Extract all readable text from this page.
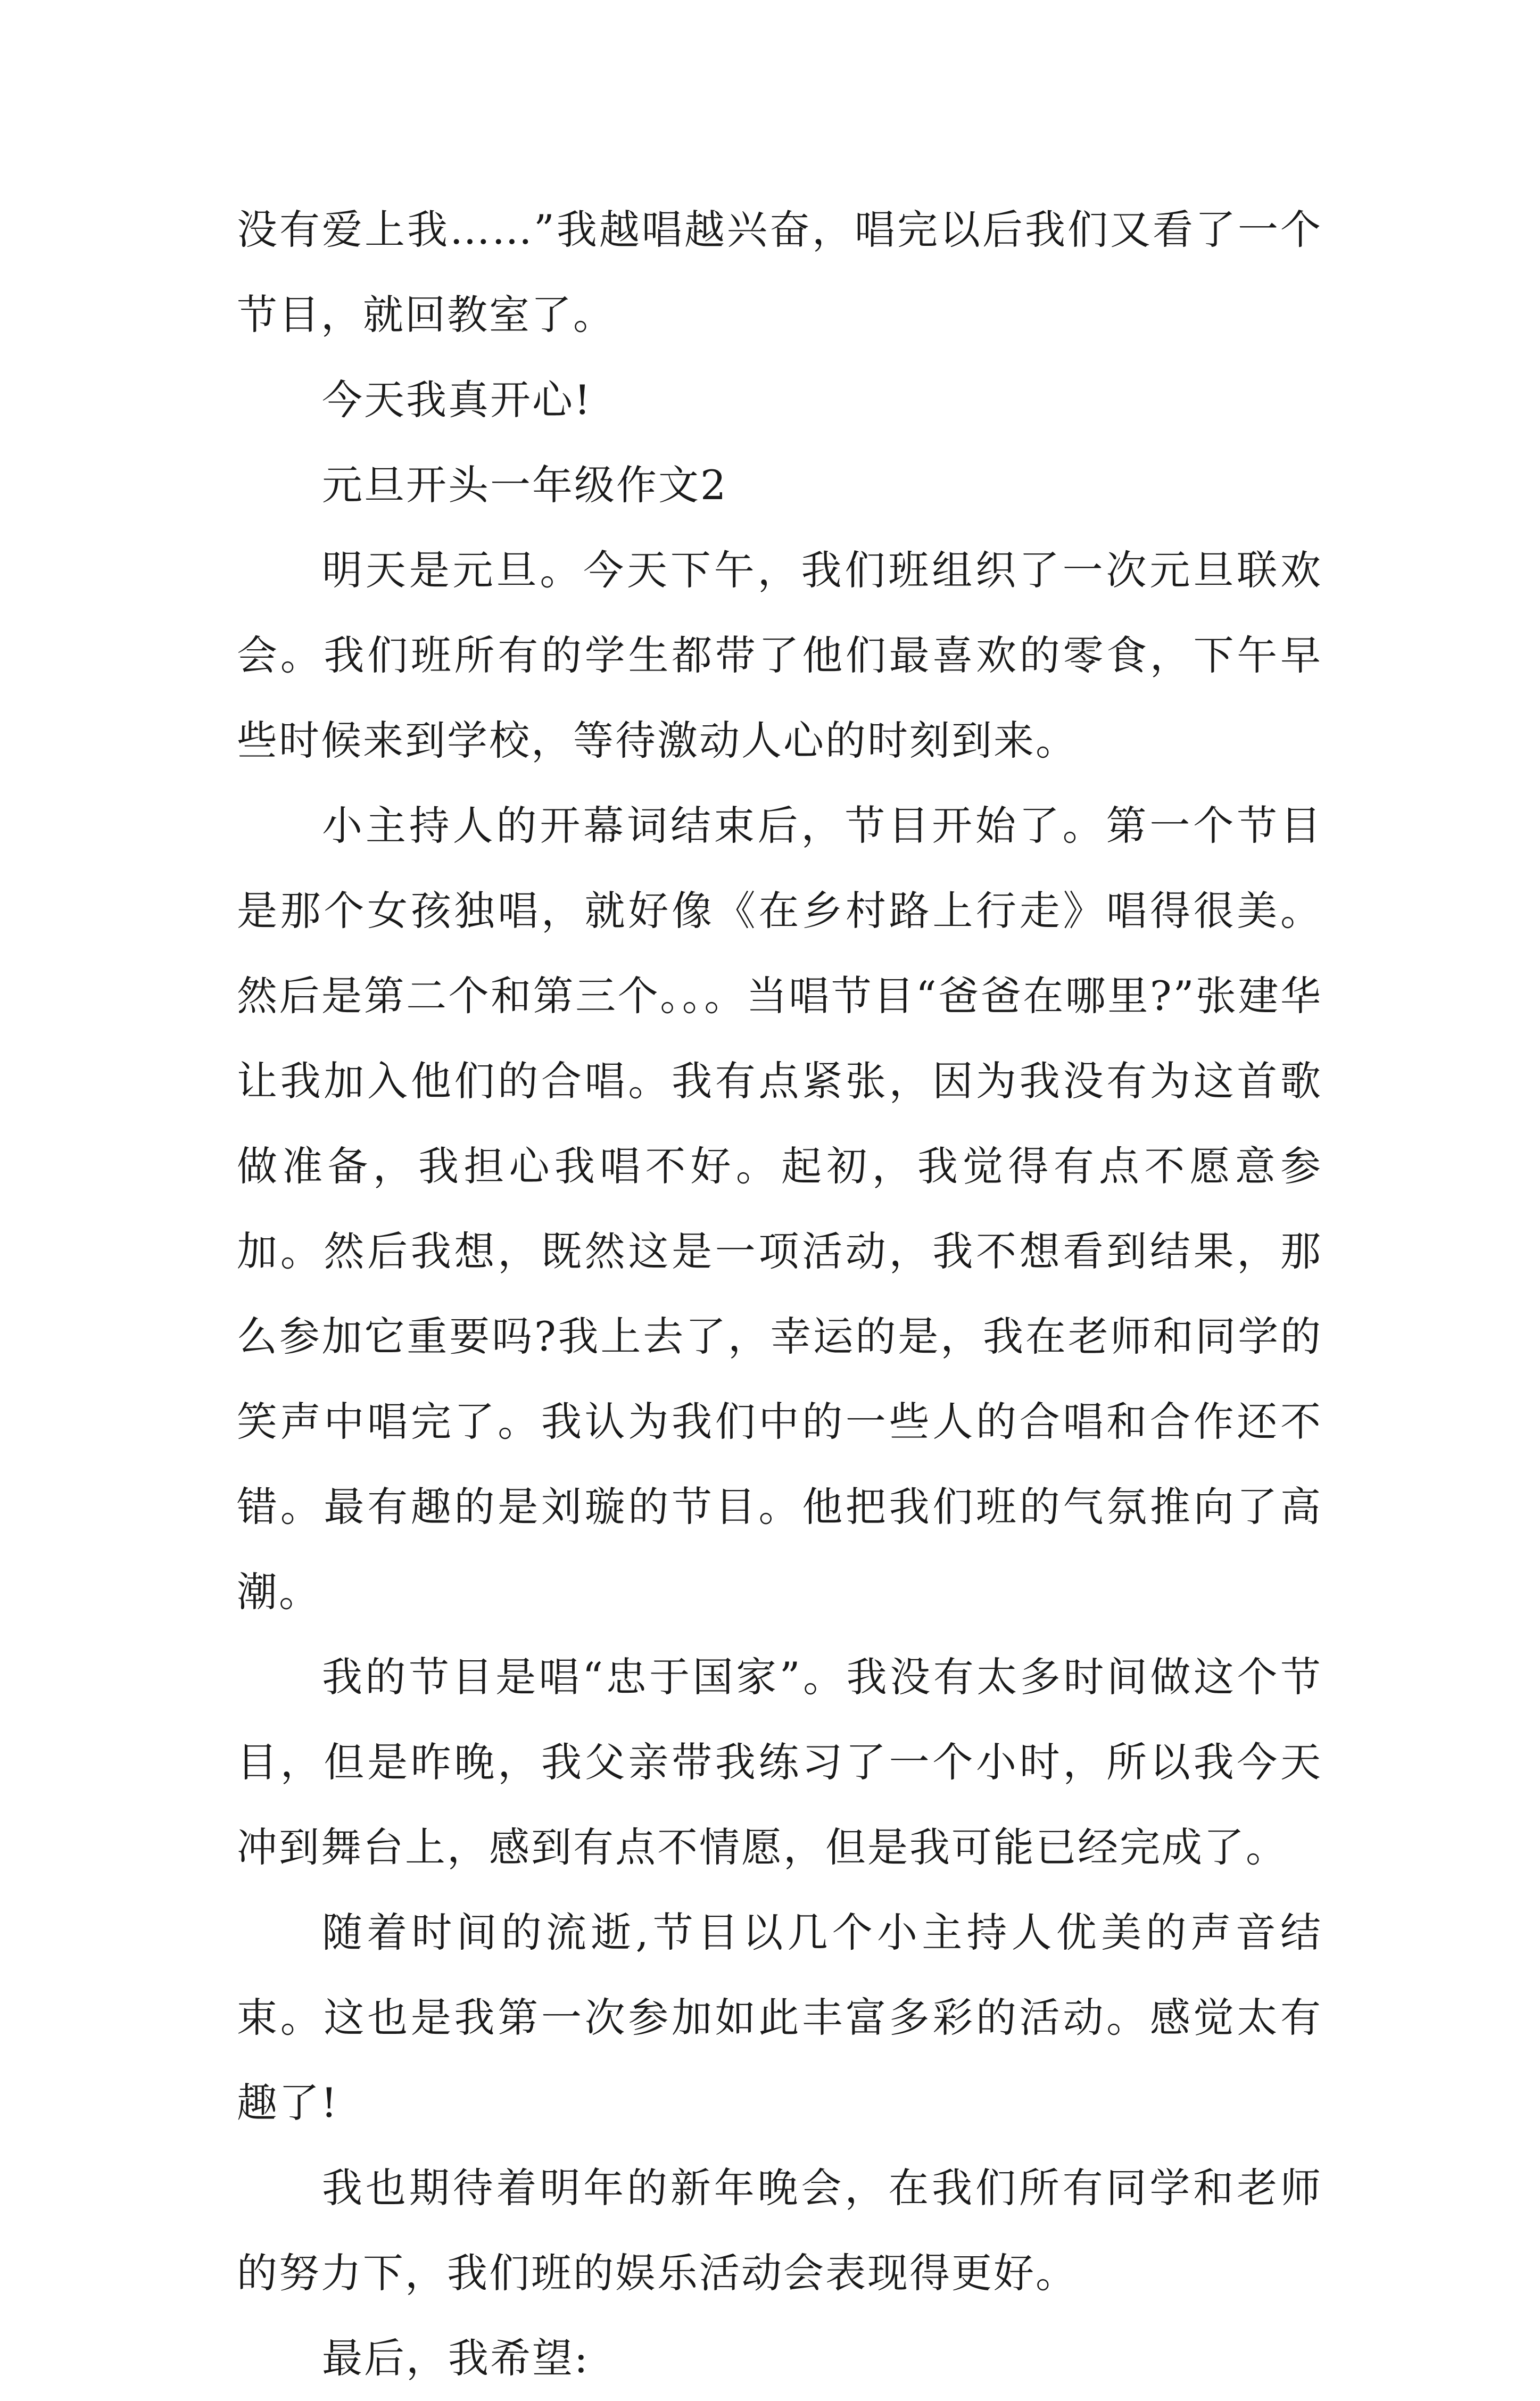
没有爱上我……”我越唱越兴奋，唱完以后我们又看了一个节目，就回教室了。

今天我真开心!

元旦开头一年级作文2

明天是元旦。今天下午，我们班组织了一次元旦联欢会。我们班所有的学生都带了他们最喜欢的零食，下午早些时候来到学校，等待激动人心的时刻到来。

小主持人的开幕词结束后，节目开始了。第一个节目是那个女孩独唱，就好像《在乡村路上行走》唱得很美。然后是第二个和第三个。。。当唱节目“爸爸在哪里?”张建华让我加入他们的合唱。我有点紧张，因为我没有为这首歌做准备，我担心我唱不好。起初，我觉得有点不愿意参加。然后我想，既然这是一项活动，我不想看到结果，那么参加它重要吗?我上去了，幸运的是，我在老师和同学的笑声中唱完了。我认为我们中的一些人的合唱和合作还不错。最有趣的是刘璇的节目。他把我们班的气氛推向了高潮。

我的节目是唱“忠于国家”。我没有太多时间做这个节目，但是昨晚，我父亲带我练习了一个小时，所以我今天冲到舞台上，感到有点不情愿，但是我可能已经完成了。

随着时间的流逝,节目以几个小主持人优美的声音结束。这也是我第一次参加如此丰富多彩的活动。感觉太有趣了!

我也期待着明年的新年晚会，在我们所有同学和老师的努力下，我们班的娱乐活动会表现得更好。

最后，我希望:
